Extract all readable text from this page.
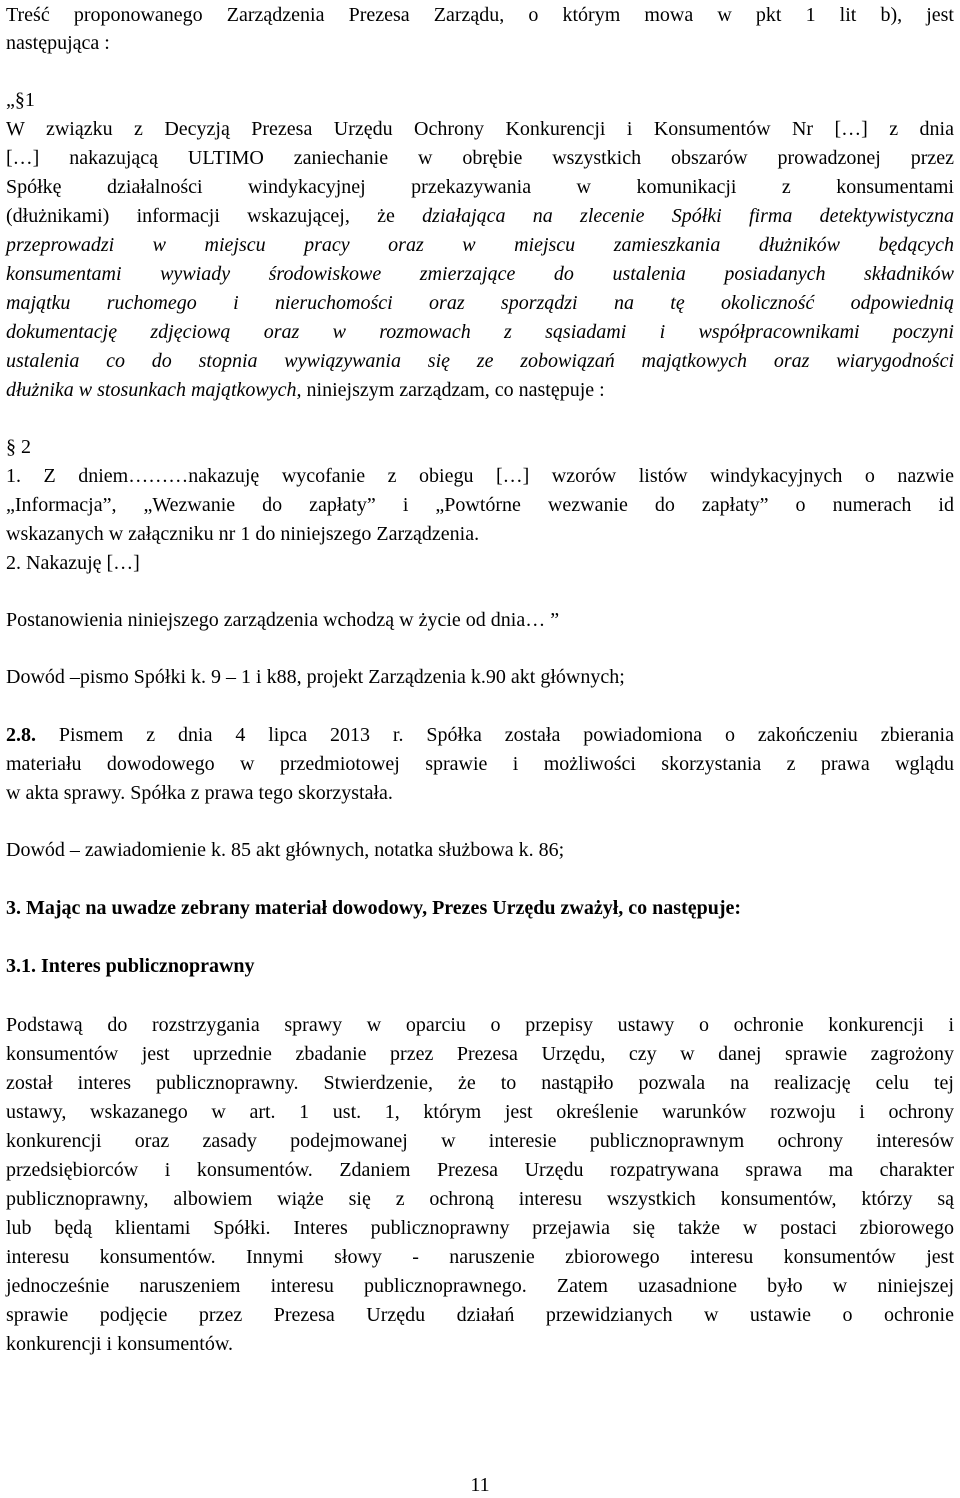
Treść proponowanego Zarządzenia Prezesa Zarządu, o którym mowa w pkt 1 lit b), jest
następująca :
„§1
W związku z Decyzją Prezesa Urzędu Ochrony Konkurencji i Konsumentów Nr […] z dnia
[…] nakazującą ULTIMO zaniechanie w obrębie wszystkich obszarów prowadzonej przez
Spółkę działalności windykacyjnej przekazywania w komunikacji z konsumentami
(dłużnikami) informacji wskazującej, że działająca na zlecenie Spółki firma detektywistyczna
przeprowadzi w miejscu pracy oraz w miejscu zamieszkania dłużników będących
konsumentami wywiady środowiskowe zmierzające do ustalenia posiadanych składników
majątku ruchomego i nieruchomości oraz sporządzi na tę okoliczność odpowiednią
dokumentację zdjęciową oraz w rozmowach z sąsiadami i współpracownikami poczyni
ustalenia co do stopnia wywiązywania się ze zobowiązań majątkowych oraz wiarygodności
dłużnika w stosunkach majątkowych, niniejszym zarządzam, co następuje :
§ 2
1. Z dniem………nakazuję wycofanie z obiegu […] wzorów listów windykacyjnych o nazwie
„Informacja”, „Wezwanie do zapłaty” i „Powtórne wezwanie do zapłaty” o numerach id
wskazanych w załączniku nr 1 do niniejszego Zarządzenia.
2. Nakazuję […]
Postanowienia niniejszego zarządzenia wchodzą w życie od dnia… ”
Dowód –pismo Spółki k. 9 – 1 i k88, projekt Zarządzenia k.90 akt głównych;
2.8. Pismem z dnia 4 lipca 2013 r. Spółka została powiadomiona o zakończeniu zbierania
materiału dowodowego w przedmiotowej sprawie i możliwości skorzystania z prawa wglądu
w akta sprawy. Spółka z prawa tego skorzystała.
Dowód – zawiadomienie k. 85 akt głównych, notatka służbowa k. 86;
3. Mając na uwadze zebrany materiał dowodowy, Prezes Urzędu zważył, co następuje:
3.1. Interes publicznoprawny
Podstawą do rozstrzygania sprawy w oparciu o przepisy ustawy o ochronie konkurencji i
konsumentów jest uprzednie zbadanie przez Prezesa Urzędu, czy w danej sprawie zagrożony
został interes publicznoprawny. Stwierdzenie, że to nastąpiło pozwala na realizację celu tej
ustawy, wskazanego w art. 1 ust. 1, którym jest określenie warunków rozwoju i ochrony
konkurencji oraz zasady podejmowanej w interesie publicznoprawnym ochrony interesów
przedsiębiorców i konsumentów. Zdaniem Prezesa Urzędu rozpatrywana sprawa ma charakter
publicznoprawny, albowiem wiąże się z ochroną interesu wszystkich konsumentów, którzy są
lub będą klientami Spółki. Interes publicznoprawny przejawia się także w postaci zbiorowego
interesu konsumentów. Innymi słowy - naruszenie zbiorowego interesu konsumentów jest
jednocześnie naruszeniem interesu publicznoprawnego. Zatem uzasadnione było w niniejszej
sprawie podjęcie przez Prezesa Urzędu działań przewidzianych w ustawie o ochronie
konkurencji i konsumentów.
11
